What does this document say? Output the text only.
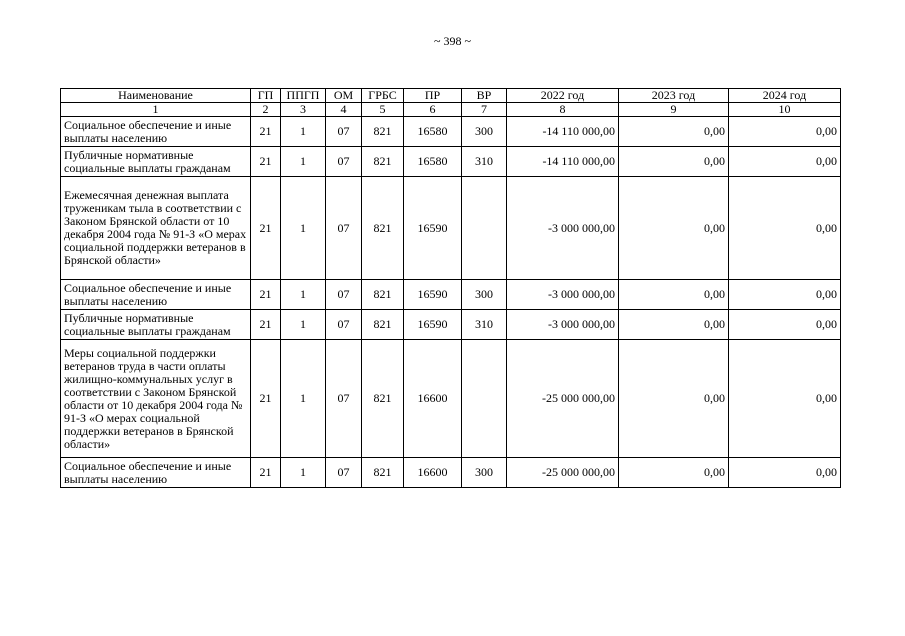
~ 398 ~
Наименование	ГП	ППГП	ОМ	ГРБС	ПР	ВР	2022 год	2023 год	2024 год
1	2	3	4	5	6	7	8	9	10
Социальное обеспечение и иные выплаты населению	21	1	07	821	16580	300	-14 110 000,00	0,00	0,00
Публичные нормативные социальные выплаты гражданам	21	1	07	821	16580	310	-14 110 000,00	0,00	0,00
Ежемесячная денежная выплата труженикам тыла в соответствии с Законом Брянской области от 10 декабря 2004 года № 91-З «О мерах социальной поддержки ветеранов в Брянской области»	21	1	07	821	16590		-3 000 000,00	0,00	0,00
Социальное обеспечение и иные выплаты населению	21	1	07	821	16590	300	-3 000 000,00	0,00	0,00
Публичные нормативные социальные выплаты гражданам	21	1	07	821	16590	310	-3 000 000,00	0,00	0,00
Меры социальной поддержки ветеранов труда в части оплаты жилищно-коммунальных услуг в соответствии с Законом Брянской области от 10 декабря 2004 года № 91-З «О мерах социальной поддержки ветеранов в Брянской области»	21	1	07	821	16600		-25 000 000,00	0,00	0,00
Социальное обеспечение и иные выплаты населению	21	1	07	821	16600	300	-25 000 000,00	0,00	0,00
